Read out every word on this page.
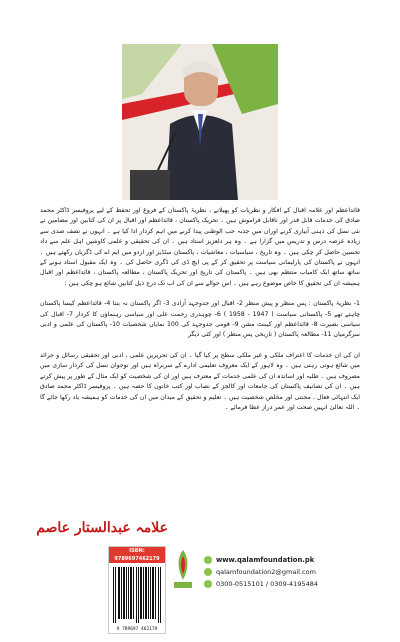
قائداعظم اور علامہ اقبال کے افکار و نظریات کو پھیلانے ، نظریۂ پاکستان کے فروغ اور تحفظ کے لیے پروفیسر ڈاکٹر محمد صادق کی خدمات قابل قدر اور ناقابل فراموش ہیں ۔ تحریک پاکستان ، قائداعظم اور اقبال پر ان کی کتابیں اور مضامین نے نئی نسل کی ذہنی آبیاری کرنے اوران میں جذبہ حب الوطنی پیدا کرنے میں اہم کردار ادا کیا ہے ۔ انہوں نے نصف صدی سے زیادہ عرصہ درس و تدریس میں گزارا ہے ۔ وہ ہر دلعزیز استاد ہیں ۔ ان کی تحقیقی و علمی کاوشیں اہل علم سے داد تحسین حاصل کر چکی ہیں ۔ وہ تاریخ ، سیاسیات ، معاشیات ، پاکستان سٹڈیز اور اردو میں ایم اے کی ڈگریاں رکھتے ہیں ۔ انہوں نے پاکستان کی پارلیمانی سیاست پر تحقیق کر کے پی ایچ ڈی کی ڈگری حاصل کی ۔ وہ ایک مقبول استاد ہونے کے ساتھ ساتھ ایک کامیاب منتظم بھی ہیں ۔ پاکستان کی تاریخ اور تحریک پاکستان ، مطالعہ پاکستان ، قائداعظم اور اقبال ہمیشہ ان کی تحقیق کا خاص موضوع رہے ہیں ۔ اس حوالے سے ان کی اب تک درج ذیل کتابیں شائع ہو چکی ہیں :

1- نظریۂ پاکستان : پس منظر و پیش منظر 2- اقبال اور جدوجہد آزادی 3- اگر پاکستان نہ بنتا 4- قائداعظم کیسا پاکستان چاہتے تھے 5- پاکستانی سیاست ( 1947 - 1958 ) 6- چوہدری رحمت علی اور سیاسی رہنماؤں کا کردار 7- اقبال کی سیاسی بصیرت 8- قائداعظم اور کیبنٹ مشن 9- قومی جدوجہد کی 100 نمایاں شخصیات 10- پاکستان کی علمی و ادبی سرگرمیاں 11- مطالعہ پاکستان ( تاریخی پس منظر ) اور کئی دیگر

ان کی ان خدمات کا اعتراف ملکی و غیر ملکی سطح پر کیا گیا ۔ ان کی تحریریں علمی ، ادبی اور تحقیقی رسائل و جرائد میں شائع ہوتی رہتی ہیں ۔ وہ لاہور کے ایک معروف تعلیمی ادارے کے سربراہ ہیں اور نوجوان نسل کی کردار سازی میں مصروف ہیں ۔ طلبہ اور اساتذہ ان کی علمی خدمات کے معترف ہیں اور ان کی شخصیت کو ایک مثال کے طور پر پیش کرتے ہیں ۔ ان کی تصانیف پاکستان کی جامعات اور کالجز کے نصاب اور کتب خانوں کا حصہ ہیں ۔ پروفیسر ڈاکٹر محمد صادق ایک انتہائی فعال ، محنتی اور مخلص شخصیت ہیں ۔ تعلیم و تحقیق کے میدان میں ان کی خدمات کو ہمیشہ یاد رکھا جائے گا ۔ اللہ تعالیٰ انہیں صحت اور عمر دراز عطا فرمائے ۔

علامہ عبدالستار عاصم
ISBN: 9789697462179
9 789697 462179
www.qalamfoundation.pk
qalamfoundation2@gmail.com
0300-0515101 / 0309-4195484
